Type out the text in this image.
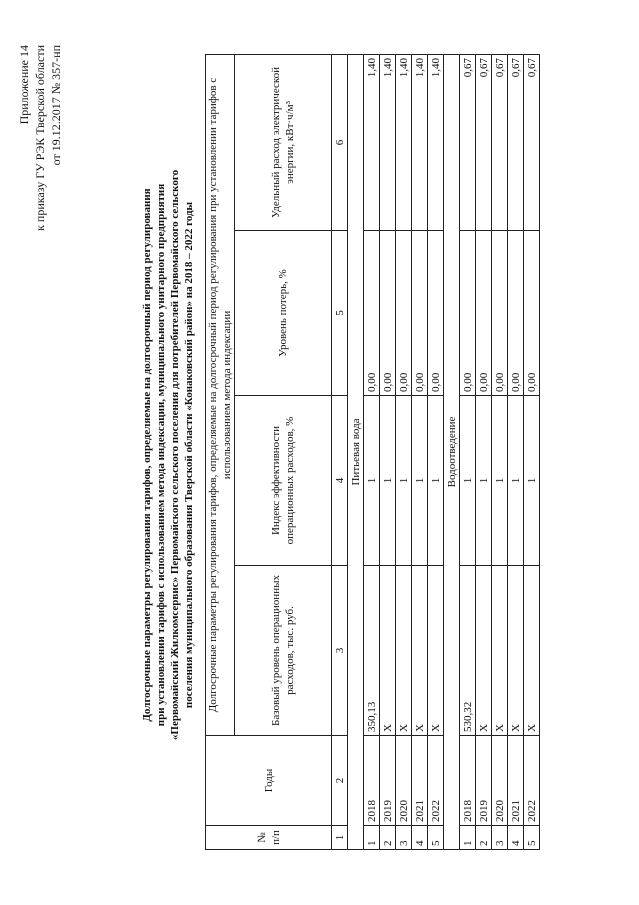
Приложение 14 к приказу ГУ РЭК Тверской области от 19.12.2017 № 357-нп
Долгосрочные параметры регулирования тарифов, определяемые на долгосрочный период регулирования при установлении тарифов с использованием метода индексации, муниципального унитарного предприятия «Первомайский Жилкомсервис» Первомайского сельского поселения для потребителей Первомайского сельского поселения муниципального образования Тверской области «Конаковский район» на 2018 – 2022 годы
№ п/п	Годы	Долгосрочные параметры регулирования тарифов, определяемые на долгосрочный период регулирования при установлении тарифов с использованием метода индексации			
		Базовый уровень операционных расходов, тыс. руб.	Индекс эффективности операционных расходов, %	Уровень потерь, %	Удельный расход электрической энергии, кВт·ч/м³
1	2	3	4	5	6
Питьевая вода					
1	2018	350,13	1	0,00	1,40
2	2019	Х	1	0,00	1,40
3	2020	Х	1	0,00	1,40
4	2021	Х	1	0,00	1,40
5	2022	Х	1	0,00	1,40
Водоотведение					
1	2018	530,32	1	0,00	0,67
2	2019	Х	1	0,00	0,67
3	2020	Х	1	0,00	0,67
4	2021	Х	1	0,00	0,67
5	2022	Х	1	0,00	0,67
